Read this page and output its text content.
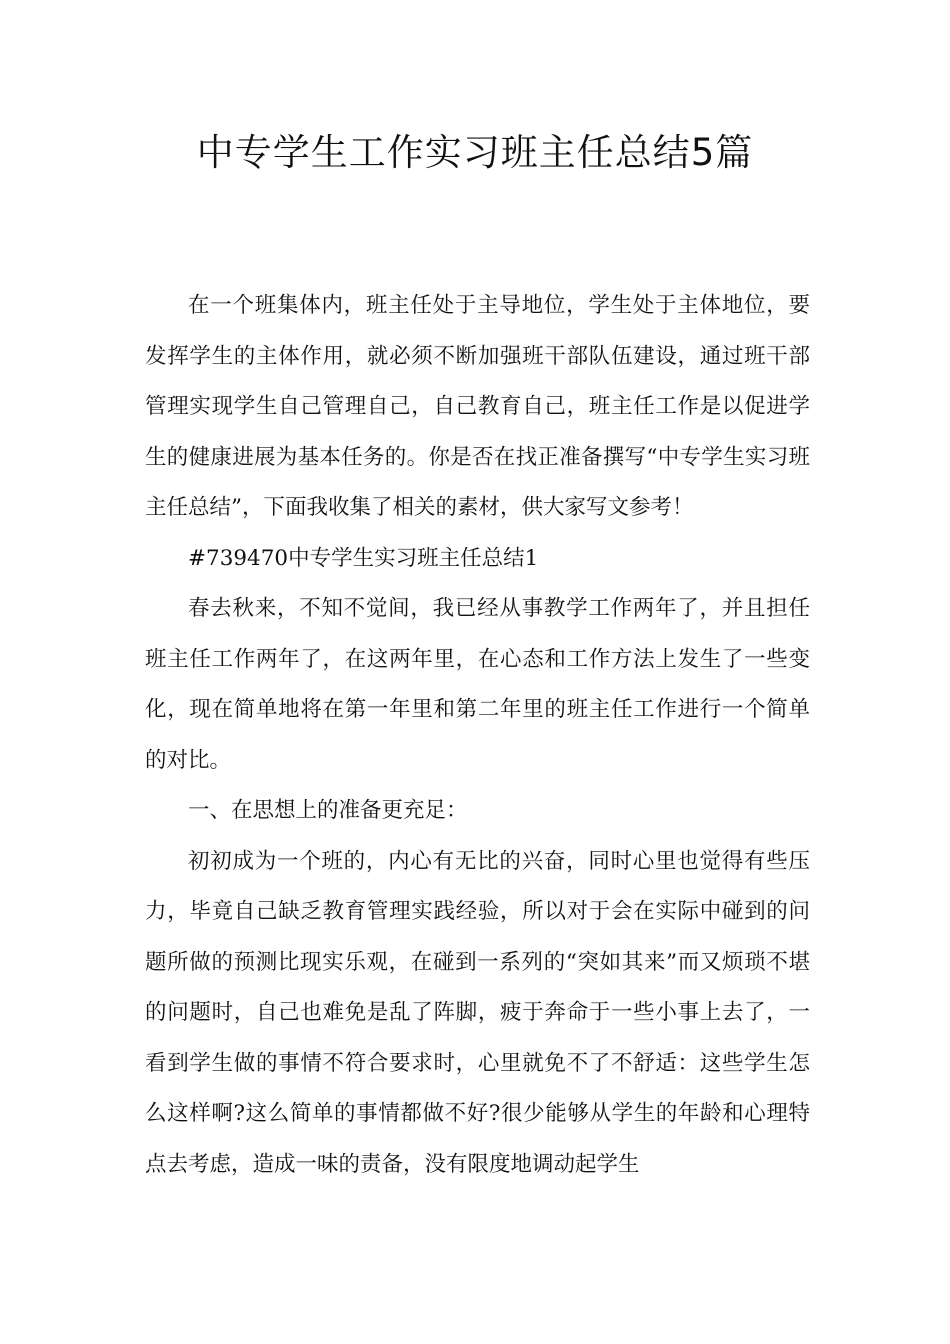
中专学生工作实习班主任总结5篇

在一个班集体内，班主任处于主导地位，学生处于主体地位，要发挥学生的主体作用，就必须不断加强班干部队伍建设，通过班干部管理实现学生自己管理自己，自己教育自己，班主任工作是以促进学生的健康进展为基本任务的。你是否在找正准备撰写“中专学生实习班主任总结”，下面我收集了相关的素材，供大家写文参考！

#739470中专学生实习班主任总结1

春去秋来，不知不觉间，我已经从事教学工作两年了，并且担任班主任工作两年了，在这两年里，在心态和工作方法上发生了一些变化，现在简单地将在第一年里和第二年里的班主任工作进行一个简单的对比。

一、在思想上的准备更充足：

初初成为一个班的，内心有无比的兴奋，同时心里也觉得有些压力，毕竟自己缺乏教育管理实践经验，所以对于会在实际中碰到的问题所做的预测比现实乐观，在碰到一系列的“突如其来”而又烦琐不堪的问题时，自己也难免是乱了阵脚，疲于奔命于一些小事上去了，一看到学生做的事情不符合要求时，心里就免不了不舒适：这些学生怎么这样啊?这么简单的事情都做不好?很少能够从学生的年龄和心理特点去考虑，造成一味的责备，没有限度地调动起学生
